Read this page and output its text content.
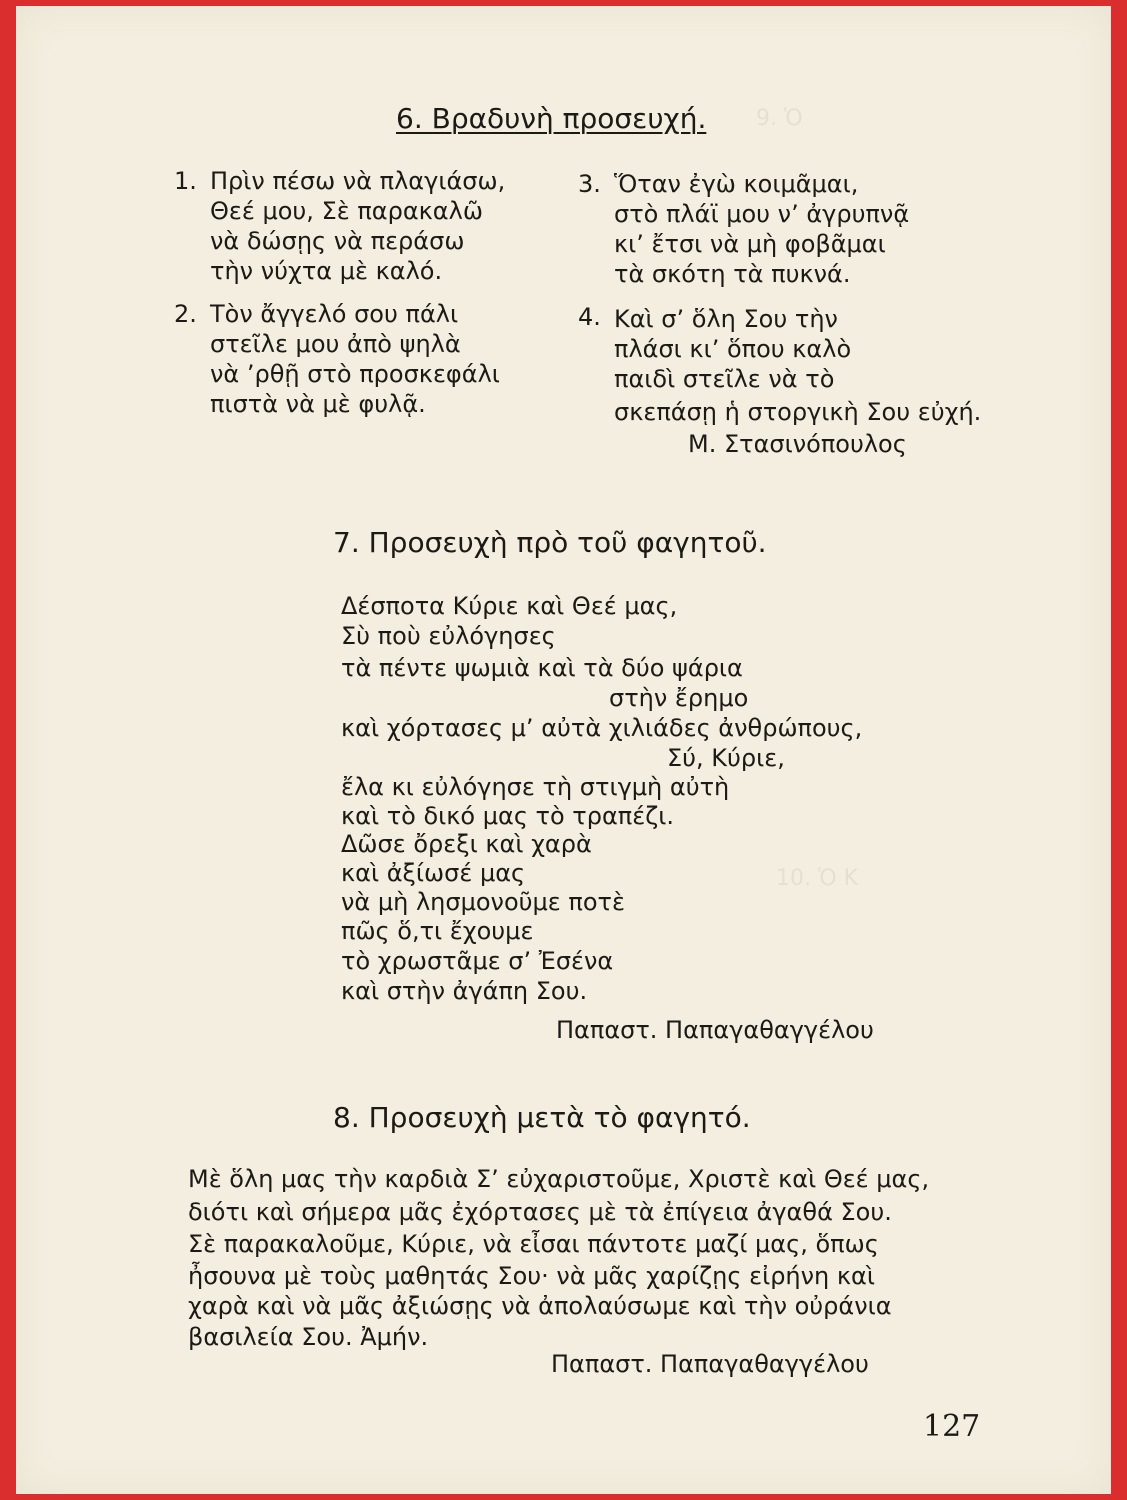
9. Ὁ
10. Ὁ Κ
6. Βραδυνὴ προσευχή.
1. Πρὶν πέσω νὰ πλαγιάσω,
Θεέ μου, Σὲ παρακαλῶ
νὰ δώσῃς νὰ περάσω
τὴν νύχτα μὲ καλό.
2. Τὸν ἄγγελό σου πάλι
στεῖλε μου ἀπὸ ψηλὰ
νὰ ’ρθῇ στὸ προσκεφάλι
πιστὰ νὰ μὲ φυλᾷ.
3. Ὅταν ἐγὼ κοιμᾶμαι,
στὸ πλάϊ μου ν’ ἀγρυπνᾷ
κι’ ἔτσι νὰ μὴ φοβᾶμαι
τὰ σκότη τὰ πυκνά.
4. Καὶ σ’ ὅλη Σου τὴν
πλάσι κι’ ὅπου καλὸ
παιδὶ στεῖλε νὰ τὸ
σκεπάσῃ ἡ στοργικὴ Σου εὐχή.
Μ. Στασινόπουλος
7. Προσευχὴ πρὸ τοῦ φαγητοῦ.
Δέσποτα Κύριε καὶ Θεέ μας,
Σὺ ποὺ εὐλόγησες
τὰ πέντε ψωμιὰ καὶ τὰ δύο ψάρια
στὴν ἔρημο
καὶ χόρτασες μ’ αὐτὰ χιλιάδες ἀνθρώπους,
Σύ, Κύριε,
ἔλα κι εὐλόγησε τὴ στιγμὴ αὐτὴ
καὶ τὸ δικό μας τὸ τραπέζι.
Δῶσε ὄρεξι καὶ χαρὰ
καὶ ἀξίωσέ μας
νὰ μὴ λησμονοῦμε ποτὲ
πῶς ὅ,τι ἔχουμε
τὸ χρωστᾶμε σ’ Ἐσένα
καὶ στὴν ἀγάπη Σου.
Παπαστ. Παπαγαθαγγέλου
8. Προσευχὴ μετὰ τὸ φαγητό.
Μὲ ὅλη μας τὴν καρδιὰ Σ’ εὐχαριστοῦμε, Χριστὲ καὶ Θεέ μας,
διότι καὶ σήμερα μᾶς ἐχόρτασες μὲ τὰ ἐπίγεια ἀγαθά Σου.
Σὲ παρακαλοῦμε, Κύριε, νὰ εἶσαι πάντοτε μαζί μας, ὅπως
ἦσουνα μὲ τοὺς μαθητάς Σου· νὰ μᾶς χαρίζῃς εἰρήνη καὶ
χαρὰ καὶ νὰ μᾶς ἀξιώσῃς νὰ ἀπολαύσωμε καὶ τὴν οὐράνια
βασιλεία Σου. Ἀμήν.
Παπαστ. Παπαγαθαγγέλου
127
